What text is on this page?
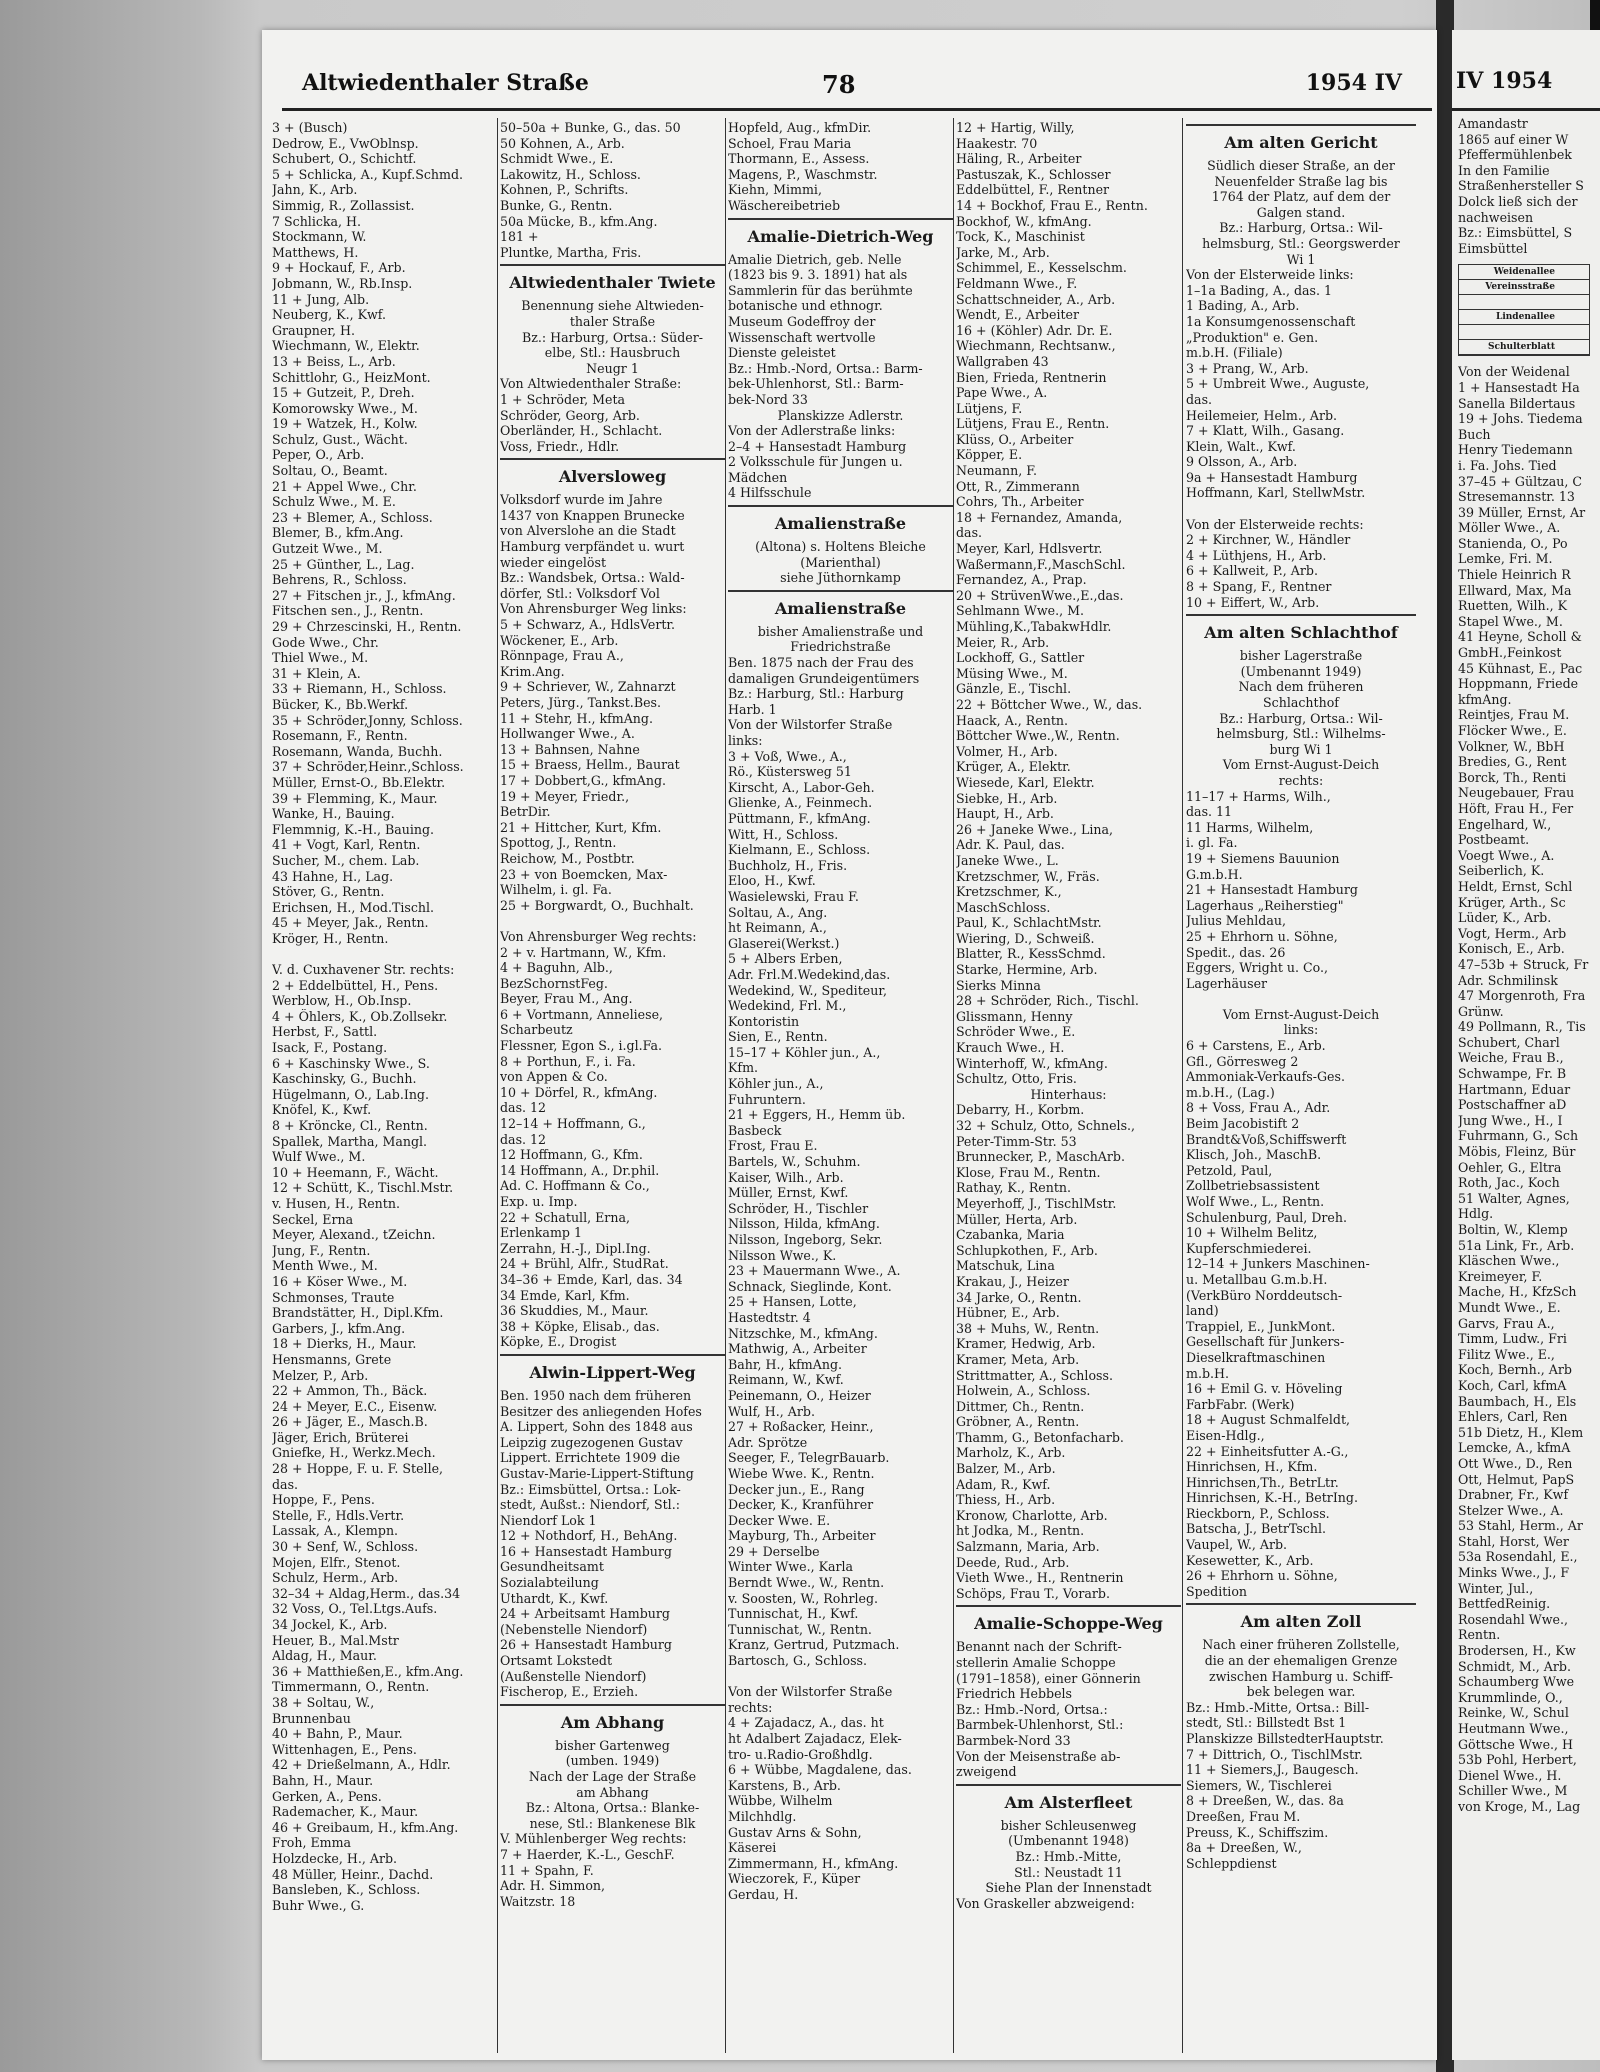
Altwiedenthaler Straße	78	1954 IV
3 + (Busch)
Dedrow, E., VwOblnsp.
Schubert, O., Schichtf.
5 + Schlicka, A., Kupf.Schmd.
Jahn, K., Arb.
Simmig, R., Zollassist.
7 Schlicka, H.
Stockmann, W.
Matthews, H.
9 + Hockauf, F., Arb.
Jobmann, W., Rb.Insp.
11 + Jung, Alb.
Neuberg, K., Kwf.
Graupner, H.
Wiechmann, W., Elektr.
13 + Beiss, L., Arb.
Schittlohr, G., HeizMont.
15 + Gutzeit, P., Dreh.
Komorowsky Wwe., M.
19 + Watzek, H., Kolw.
Schulz, Gust., Wächt.
Peper, O., Arb.
Soltau, O., Beamt.
21 + Appel Wwe., Chr.
Schulz Wwe., M. E.
23 + Blemer, A., Schloss.
Blemer, B., kfm.Ang.
Gutzeit Wwe., M.
25 + Günther, L., Lag.
Behrens, R., Schloss.
27 + Fitschen jr., J., kfmAng.
Fitschen sen., J., Rentn.
29 + Chrzescinski, H., Rentn.
Gode Wwe., Chr.
Thiel Wwe., M.
31 + Klein, A.
33 + Riemann, H., Schloss.
Bücker, K., Bb.Werkf.
35 + Schröder,Jonny, Schloss.
Rosemann, F., Rentn.
Rosemann, Wanda, Buchh.
37 + Schröder,Heinr.,Schloss.
Müller, Ernst-O., Bb.Elektr.
39 + Flemming, K., Maur.
Wanke, H., Bauing.
Flemmnig, K.-H., Bauing.
41 + Vogt, Karl, Rentn.
Sucher, M., chem. Lab.
43 Hahne, H., Lag.
Stöver, G., Rentn.
Erichsen, H., Mod.Tischl.
45 + Meyer, Jak., Rentn.
Kröger, H., Rentn.

V. d. Cuxhavener Str. rechts:
2 + Eddelbüttel, H., Pens.
Werblow, H., Ob.Insp.
4 + Öhlers, K., Ob.Zollsekr.
Herbst, F., Sattl.
Isack, F., Postang.
6 + Kaschinsky Wwe., S.
Kaschinsky, G., Buchh.
Hügelmann, O., Lab.Ing.
Knöfel, K., Kwf.
8 + Kröncke, Cl., Rentn.
Spallek, Martha, Mangl.
Wulf Wwe., M.
10 + Heemann, F., Wächt.
12 + Schütt, K., Tischl.Mstr.
v. Husen, H., Rentn.
Seckel, Erna
Meyer, Alexand., tZeichn.
Jung, F., Rentn.
Menth Wwe., M.
16 + Köser Wwe., M.
Schmonses, Traute
Brandstätter, H., Dipl.Kfm.
Garbers, J., kfm.Ang.
18 + Dierks, H., Maur.
Hensmanns, Grete
Melzer, P., Arb.
22 + Ammon, Th., Bäck.
24 + Meyer, E.C., Eisenw.
26 + Jäger, E., Masch.B.
Jäger, Erich, Brüterei
Gniefke, H., Werkz.Mech.
28 + Hoppe, F. u. F. Stelle,
das.
Hoppe, F., Pens.
Stelle, F., Hdls.Vertr.
Lassak, A., Klempn.
30 + Senf, W., Schloss.
Mojen, Elfr., Stenot.
Schulz, Herm., Arb.
32–34 + Aldag,Herm., das.34
32 Voss, O., Tel.Ltgs.Aufs.
34 Jockel, K., Arb.
Heuer, B., Mal.Mstr
Aldag, H., Maur.
36 + Matthießen,E., kfm.Ang.
Timmermann, O., Rentn.
38 + Soltau, W.,
Brunnenbau
40 + Bahn, P., Maur.
Wittenhagen, E., Pens.
42 + Drießelmann, A., Hdlr.
Bahn, H., Maur.
Gerken, A., Pens.
Rademacher, K., Maur.
46 + Greibaum, H., kfm.Ang.
Froh, Emma
Holzdecke, H., Arb.
48 Müller, Heinr., Dachd.
Bansleben, K., Schloss.
Buhr Wwe., G.
50–50a + Bunke, G., das. 50
50 Kohnen, A., Arb.
Schmidt Wwe., E.
Lakowitz, H., Schloss.
Kohnen, P., Schrifts.
Bunke, G., Rentn.
50a Mücke, B., kfm.Ang.
181 +
Pluntke, Martha, Fris.
Altwiedenthaler Twiete
Benennung siehe Altwieden-
thaler Straße
Bz.: Harburg, Ortsa.: Süder-
elbe, Stl.: Hausbruch
Neugr 1
Von Altwiedenthaler Straße:
1 + Schröder, Meta
Schröder, Georg, Arb.
Oberländer, H., Schlacht.
Voss, Friedr., Hdlr.
Alversloweg
Volksdorf wurde im Jahre
1437 von Knappen Brunecke
von Alverslohe an die Stadt
Hamburg verpfändet u. wurt
wieder eingelöst
Bz.: Wandsbek, Ortsa.: Wald-
dörfer, Stl.: Volksdorf Vol
Von Ahrensburger Weg links:
5 + Schwarz, A., HdlsVertr.
Wöckener, E., Arb.
Rönnpage, Frau A.,
Krim.Ang.
9 + Schriever, W., Zahnarzt
Peters, Jürg., Tankst.Bes.
11 + Stehr, H., kfmAng.
Hollwanger Wwe., A.
13 + Bahnsen, Nahne
15 + Braess, Hellm., Baurat
17 + Dobbert,G., kfmAng.
19 + Meyer, Friedr.,
BetrDir.
21 + Hittcher, Kurt, Kfm.
Spottog, J., Rentn.
Reichow, M., Postbtr.
23 + von Boemcken, Max-
Wilhelm, i. gl. Fa.
25 + Borgwardt, O., Buchhalt.

Von Ahrensburger Weg rechts:
2 + v. Hartmann, W., Kfm.
4 + Baguhn, Alb.,
BezSchornstFeg.
Beyer, Frau M., Ang.
6 + Vortmann, Anneliese,
Scharbeutz
Flessner, Egon S., i.gl.Fa.
8 + Porthun, F., i. Fa.
von Appen & Co.
10 + Dörfel, R., kfmAng.
das. 12
12–14 + Hoffmann, G.,
das. 12
12 Hoffmann, G., Kfm.
14 Hoffmann, A., Dr.phil.
Ad. C. Hoffmann & Co.,
Exp. u. Imp.
22 + Schatull, Erna,
Erlenkamp 1
Zerrahn, H.-J., Dipl.Ing.
24 + Brühl, Alfr., StudRat.
34–36 + Emde, Karl, das. 34
34 Emde, Karl, Kfm.
36 Skuddies, M., Maur.
38 + Köpke, Elisab., das.
Köpke, E., Drogist
Alwin-Lippert-Weg
Ben. 1950 nach dem früheren
Besitzer des anliegenden Hofes
A. Lippert, Sohn des 1848 aus
Leipzig zugezogenen Gustav
Lippert. Errichtete 1909 die
Gustav-Marie-Lippert-Stiftung
Bz.: Eimsbüttel, Ortsa.: Lok-
stedt, Außst.: Niendorf, Stl.:
Niendorf Lok 1
12 + Nothdorf, H., BehAng.
16 + Hansestadt Hamburg
Gesundheitsamt
Sozialabteilung
Uthardt, K., Kwf.
24 + Arbeitsamt Hamburg
(Nebenstelle Niendorf)
26 + Hansestadt Hamburg
Ortsamt Lokstedt
(Außenstelle Niendorf)
Fischerop, E., Erzieh.
Am Abhang
bisher Gartenweg
(umben. 1949)
Nach der Lage der Straße
am Abhang
Bz.: Altona, Ortsa.: Blanke-
nese, Stl.: Blankenese Blk
V. Mühlenberger Weg rechts:
7 + Haerder, K.-L., GeschF.
11 + Spahn, F.
Adr. H. Simmon,
Waitzstr. 18
Hopfeld, Aug., kfmDir.
Schoel, Frau Maria
Thormann, E., Assess.
Magens, P., Waschmstr.
Kiehn, Mimmi,
Wäschereibetrieb
Amalie-Dietrich-Weg
Amalie Dietrich, geb. Nelle
(1823 bis 9. 3. 1891) hat als
Sammlerin für das berühmte
botanische und ethnogr.
Museum Godeffroy der
Wissenschaft wertvolle
Dienste geleistet
Bz.: Hmb.-Nord, Ortsa.: Barm-
bek-Uhlenhorst, Stl.: Barm-
bek-Nord 33
Planskizze Adlerstr.
Von der Adlerstraße links:
2–4 + Hansestadt Hamburg
2 Volksschule für Jungen u.
Mädchen
4 Hilfsschule
Amalienstraße
(Altona) s. Holtens Bleiche
(Marienthal)
siehe Jüthornkamp
Amalienstraße
bisher Amalienstraße und
Friedrichstraße
Ben. 1875 nach der Frau des
damaligen Grundeigentümers
Bz.: Harburg, Stl.: Harburg
Harb. 1
Von der Wilstorfer Straße
links:
3 + Voß, Wwe., A.,
Rö., Küstersweg 51
Kirscht, A., Labor-Geh.
Glienke, A., Feinmech.
Püttmann, F., kfmAng.
Witt, H., Schloss.
Kielmann, E., Schloss.
Buchholz, H., Fris.
Eloo, H., Kwf.
Wasielewski, Frau F.
Soltau, A., Ang.
ht Reimann, A.,
Glaserei(Werkst.)
5 + Albers Erben,
Adr. Frl.M.Wedekind,das.
Wedekind, W., Spediteur,
Wedekind, Frl. M.,
Kontoristin
Sien, E., Rentn.
15–17 + Köhler jun., A.,
Kfm.
Köhler jun., A.,
Fuhruntern.
21 + Eggers, H., Hemm üb.
Basbeck
Frost, Frau E.
Bartels, W., Schuhm.
Kaiser, Wilh., Arb.
Müller, Ernst, Kwf.
Schröder, H., Tischler
Nilsson, Hilda, kfmAng.
Nilsson, Ingeborg, Sekr.
Nilsson Wwe., K.
23 + Mauermann Wwe., A.
Schnack, Sieglinde, Kont.
25 + Hansen, Lotte,
Hastedtstr. 4
Nitzschke, M., kfmAng.
Mathwig, A., Arbeiter
Bahr, H., kfmAng.
Reimann, W., Kwf.
Peinemann, O., Heizer
Wulf, H., Arb.
27 + Roßacker, Heinr.,
Adr. Sprötze
Seeger, F., TelegrBauarb.
Wiebe Wwe. K., Rentn.
Decker jun., E., Rang
Decker, K., Kranführer
Decker Wwe. E.
Mayburg, Th., Arbeiter
29 + Derselbe
Winter Wwe., Karla
Berndt Wwe., W., Rentn.
v. Soosten, W., Rohrleg.
Tunnischat, H., Kwf.
Tunnischat, W., Rentn.
Kranz, Gertrud, Putzmach.
Bartosch, G., Schloss.

Von der Wilstorfer Straße
rechts:
4 + Zajadacz, A., das. ht
ht Adalbert Zajadacz, Elek-
tro- u.Radio-Großhdlg.
6 + Wübbe, Magdalene, das.
Karstens, B., Arb.
Wübbe, Wilhelm
Milchhdlg.
Gustav Arns & Sohn,
Käserei
Zimmermann, H., kfmAng.
Wieczorek, F., Küper
Gerdau, H.
12 + Hartig, Willy,
Haakestr. 70
Häling, R., Arbeiter
Pastuszak, K., Schlosser
Eddelbüttel, F., Rentner
14 + Bockhof, Frau E., Rentn.
Bockhof, W., kfmAng.
Tock, K., Maschinist
Jarke, M., Arb.
Schimmel, E., Kesselschm.
Feldmann Wwe., F.
Schattschneider, A., Arb.
Wendt, E., Arbeiter
16 + (Köhler) Adr. Dr. E.
Wiechmann, Rechtsanw.,
Wallgraben 43
Bien, Frieda, Rentnerin
Pape Wwe., A.
Lütjens, F.
Lütjens, Frau E., Rentn.
Klüss, O., Arbeiter
Köpper, E.
Neumann, F.
Ott, R., Zimmerann
Cohrs, Th., Arbeiter
18 + Fernandez, Amanda,
das.
Meyer, Karl, Hdlsvertr.
Waßermann,F.,MaschSchl.
Fernandez, A., Prap.
20 + StrüvenWwe.,E.,das.
Sehlmann Wwe., M.
Mühling,K.,TabakwHdlr.
Meier, R., Arb.
Lockhoff, G., Sattler
Müsing Wwe., M.
Gänzle, E., Tischl.
22 + Böttcher Wwe., W., das.
Haack, A., Rentn.
Böttcher Wwe.,W., Rentn.
Volmer, H., Arb.
Krüger, A., Elektr.
Wiesede, Karl, Elektr.
Siebke, H., Arb.
Haupt, H., Arb.
26 + Janeke Wwe., Lina,
Adr. K. Paul, das.
Janeke Wwe., L.
Kretzschmer, W., Fräs.
Kretzschmer, K.,
MaschSchloss.
Paul, K., SchlachtMstr.
Wiering, D., Schweiß.
Blatter, R., KessSchmd.
Starke, Hermine, Arb.
Sierks Minna
28 + Schröder, Rich., Tischl.
Glissmann, Henny
Schröder Wwe., E.
Krauch Wwe., H.
Winterhoff, W., kfmAng.
Schultz, Otto, Fris.
Hinterhaus:
Debarry, H., Korbm.
32 + Schulz, Otto, Schnels.,
Peter-Timm-Str. 53
Brunnecker, P., MaschArb.
Klose, Frau M., Rentn.
Rathay, K., Rentn.
Meyerhoff, J., TischlMstr.
Müller, Herta, Arb.
Czabanka, Maria
Schlupkothen, F., Arb.
Matschuk, Lina
Krakau, J., Heizer
34 Jarke, O., Rentn.
Hübner, E., Arb.
38 + Muhs, W., Rentn.
Kramer, Hedwig, Arb.
Kramer, Meta, Arb.
Strittmatter, A., Schloss.
Holwein, A., Schloss.
Dittmer, Ch., Rentn.
Gröbner, A., Rentn.
Thamm, G., Betonfacharb.
Marholz, K., Arb.
Balzer, M., Arb.
Adam, R., Kwf.
Thiess, H., Arb.
Kronow, Charlotte, Arb.
ht Jodka, M., Rentn.
Salzmann, Maria, Arb.
Deede, Rud., Arb.
Vieth Wwe., H., Rentnerin
Schöps, Frau T., Vorarb.
Amalie-Schoppe-Weg
Benannt nach der Schrift-
stellerin Amalie Schoppe
(1791–1858), einer Gönnerin
Friedrich Hebbels
Bz.: Hmb.-Nord, Ortsa.:
Barmbek-Uhlenhorst, Stl.:
Barmbek-Nord 33
Von der Meisenstraße ab-
zweigend
Am Alsterfleet
bisher Schleusenweg
(Umbenannt 1948)
Bz.: Hmb.-Mitte,
Stl.: Neustadt 11
Siehe Plan der Innenstadt
Von Graskeller abzweigend:
Am alten Gericht
Südlich dieser Straße, an der
Neuenfelder Straße lag bis
1764 der Platz, auf dem der
Galgen stand.
Bz.: Harburg, Ortsa.: Wil-
helmsburg, Stl.: Georgswerder
Wi 1
Von der Elsterweide links:
1–1a Bading, A., das. 1
1 Bading, A., Arb.
1a Konsumgenossenschaft
„Produktion" e. Gen.
m.b.H. (Filiale)
3 + Prang, W., Arb.
5 + Umbreit Wwe., Auguste,
das.
Heilemeier, Helm., Arb.
7 + Klatt, Wilh., Gasang.
Klein, Walt., Kwf.
9 Olsson, A., Arb.
9a + Hansestadt Hamburg
Hoffmann, Karl, StellwMstr.

Von der Elsterweide rechts:
2 + Kirchner, W., Händler
4 + Lüthjens, H., Arb.
6 + Kallweit, P., Arb.
8 + Spang, F., Rentner
10 + Eiffert, W., Arb.
Am alten Schlachthof
bisher Lagerstraße
(Umbenannt 1949)
Nach dem früheren
Schlachthof
Bz.: Harburg, Ortsa.: Wil-
helmsburg, Stl.: Wilhelms-
burg Wi 1
Vom Ernst-August-Deich
rechts:
11–17 + Harms, Wilh.,
das. 11
11 Harms, Wilhelm,
i. gl. Fa.
19 + Siemens Bauunion
G.m.b.H.
21 + Hansestadt Hamburg
Lagerhaus „Reiherstieg"
Julius Mehldau,
25 + Ehrhorn u. Söhne,
Spedit., das. 26
Eggers, Wright u. Co.,
Lagerhäuser

Vom Ernst-August-Deich
links:
6 + Carstens, E., Arb.
Gfl., Görresweg 2
Ammoniak-Verkaufs-Ges.
m.b.H., (Lag.)
8 + Voss, Frau A., Adr.
Beim Jacobistift 2
Brandt&Voß,Schiffswerft
Klisch, Joh., MaschB.
Petzold, Paul,
Zollbetriebsassistent
Wolf Wwe., L., Rentn.
Schulenburg, Paul, Dreh.
10 + Wilhelm Belitz,
Kupferschmiederei.
12–14 + Junkers Maschinen-
u. Metallbau G.m.b.H.
(VerkBüro Norddeutsch-
land)
Trappiel, E., JunkMont.
Gesellschaft für Junkers-
Dieselkraftmaschinen
m.b.H.
16 + Emil G. v. Höveling
FarbFabr. (Werk)
18 + August Schmalfeldt,
Eisen-Hdlg.,
22 + Einheitsfutter A.-G.,
Hinrichsen, H., Kfm.
Hinrichsen,Th., BetrLtr.
Hinrichsen, K.-H., BetrIng.
Rieckborn, P., Schloss.
Batscha, J., BetrTschl.
Vaupel, W., Arb.
Kesewetter, K., Arb.
26 + Ehrhorn u. Söhne,
Spedition
Am alten Zoll
Nach einer früheren Zollstelle,
die an der ehemaligen Grenze
zwischen Hamburg u. Schiff-
bek belegen war.
Bz.: Hmb.-Mitte, Ortsa.: Bill-
stedt, Stl.: Billstedt Bst 1
Planskizze BillstedterHauptstr.
7 + Dittrich, O., TischlMstr.
11 + Siemers,J., Baugesch.
Siemers, W., Tischlerei
8 + Dreeßen, W., das. 8a
Dreeßen, Frau M.
Preuss, K., Schiffszim.
8a + Dreeßen, W.,
Schleppdienst
IV 1954
Amandastr
1865 auf einer W
Pfeffermühlenbek
In den Familie
Straßenhersteller S
Dolck ließ sich der
nachweisen
Bz.: Eimsbüttel, S
Eimsbüttel
Weidenallee
Vereinsstraße

Lindenallee

Schulterblatt
Von der Weidenal
1 + Hansestadt Ha
Sanella Bildertaus
19 + Johs. Tiedema
Buch
Henry Tiedemann
i. Fa. Johs. Tied
37–45 + Gültzau, C
Stresemannstr. 13
39 Müller, Ernst, Ar
Möller Wwe., A.
Stanienda, O., Po
Lemke, Fri. M.
Thiele Heinrich R
Ellward, Max, Ma
Ruetten, Wilh., K
Stapel Wwe., M.
41 Heyne, Scholl &
GmbH.,Feinkost
45 Kühnast, E., Pac
Hoppmann, Friede
kfmAng.
Reintjes, Frau M.
Flöcker Wwe., E.
Volkner, W., BbH
Bredies, G., Rent
Borck, Th., Renti
Neugebauer, Frau
Höft, Frau H., Fer
Engelhard, W.,
Postbeamt.
Voegt Wwe., A.
Seiberlich, K.
Heldt, Ernst, Schl
Krüger, Arth., Sc
Lüder, K., Arb.
Vogt, Herm., Arb
Konisch, E., Arb.
47–53b + Struck, Fr
Adr. Schmilinsk
47 Morgenroth, Fra
Grünw.
49 Pollmann, R., Tis
Schubert, Charl
Weiche, Frau B.,
Schwampe, Fr. B
Hartmann, Eduar
Postschaffner aD
Jung Wwe., H., I
Fuhrmann, G., Sch
Möbis, Fleinz, Bür
Oehler, G., Eltra
Roth, Jac., Koch
51 Walter, Agnes,
Hdlg.
Boltin, W., Klemp
51a Link, Fr., Arb.
Kläschen Wwe.,
Kreimeyer, F.
Mache, H., KfzSch
Mundt Wwe., E.
Garvs, Frau A.,
Timm, Ludw., Fri
Filitz Wwe., E.,
Koch, Bernh., Arb
Koch, Carl, kfmA
Baumbach, H., Els
Ehlers, Carl, Ren
51b Dietz, H., Klem
Lemcke, A., kfmA
Ott Wwe., D., Ren
Ott, Helmut, PapS
Drabner, Fr., Kwf
Stelzer Wwe., A.
53 Stahl, Herm., Ar
Stahl, Horst, Wer
53a Rosendahl, E.,
Minks Wwe., J., F
Winter, Jul.,
BettfedReinig.
Rosendahl Wwe.,
Rentn.
Brodersen, H., Kw
Schmidt, M., Arb.
Schaumberg Wwe
Krummlinde, O.,
Reinke, W., Schul
Heutmann Wwe.,
Göttsche Wwe., H
53b Pohl, Herbert,
Dienel Wwe., H.
Schiller Wwe., M
von Kroge, M., Lag
